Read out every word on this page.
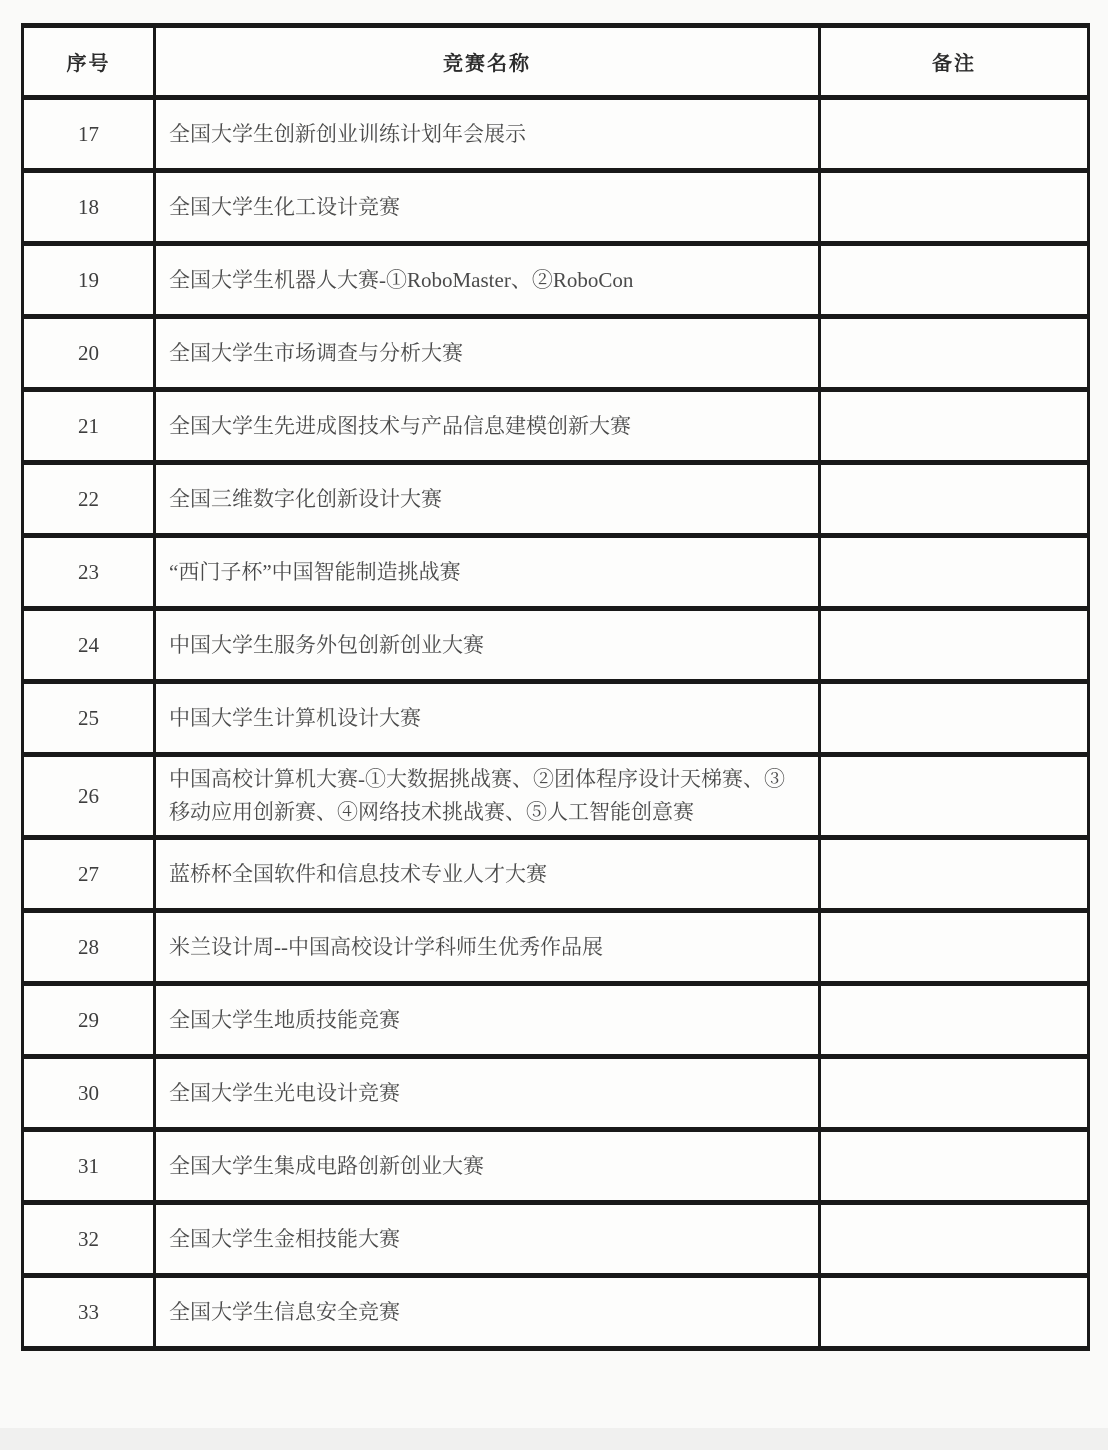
序号	竞赛名称	备注
17	全国大学生创新创业训练计划年会展示	
18	全国大学生化工设计竞赛	
19	全国大学生机器人大赛-①RoboMaster、②RoboCon	
20	全国大学生市场调查与分析大赛	
21	全国大学生先进成图技术与产品信息建模创新大赛	
22	全国三维数字化创新设计大赛	
23	“西门子杯”中国智能制造挑战赛	
24	中国大学生服务外包创新创业大赛	
25	中国大学生计算机设计大赛	
26	中国高校计算机大赛-①大数据挑战赛、②团体程序设计天梯赛、③移动应用创新赛、④网络技术挑战赛、⑤人工智能创意赛	
27	蓝桥杯全国软件和信息技术专业人才大赛	
28	米兰设计周--中国高校设计学科师生优秀作品展	
29	全国大学生地质技能竞赛	
30	全国大学生光电设计竞赛	
31	全国大学生集成电路创新创业大赛	
32	全国大学生金相技能大赛	
33	全国大学生信息安全竞赛	
